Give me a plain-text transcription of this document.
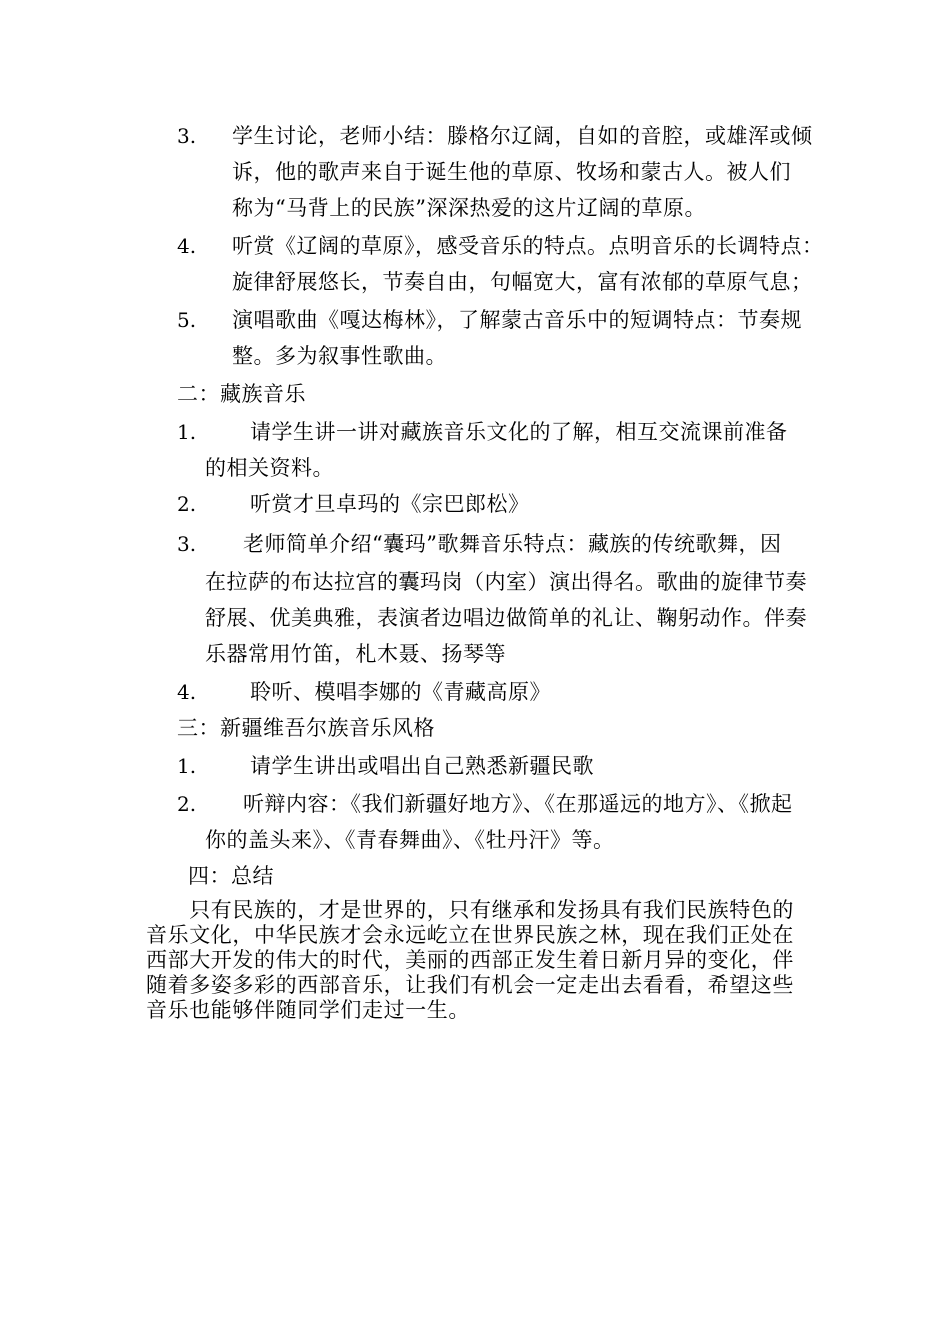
3. 学生讨论，老师小结：滕格尔辽阔，自如的音腔，或雄浑或倾
诉，他的歌声来自于诞生他的草原、牧场和蒙古人。被人们
称为“马背上的民族”深深热爱的这片辽阔的草原。
4. 听赏《辽阔的草原》，感受音乐的特点。点明音乐的长调特点：
旋律舒展悠长，节奏自由，句幅宽大，富有浓郁的草原气息；
5. 演唱歌曲《嘎达梅林》，了解蒙古音乐中的短调特点：节奏规
整。多为叙事性歌曲。
二：藏族音乐
1.	请学生讲一讲对藏族音乐文化的了解，相互交流课前准备
的相关资料。
2.	听赏才旦卓玛的《宗巴郎松》
3. 老师简单介绍“囊玛”歌舞音乐特点：藏族的传统歌舞，因
在拉萨的布达拉宫的囊玛岗（内室）演出得名。歌曲的旋律节奏
舒展、优美典雅，表演者边唱边做简单的礼让、鞠躬动作。伴奏
乐器常用竹笛，札木聂、扬琴等
4.	聆听、模唱李娜的《青藏高原》
三：新疆维吾尔族音乐风格
1.	请学生讲出或唱出自己熟悉新疆民歌
2. 听辩内容：《我们新疆好地方》、《在那遥远的地方》、《掀起
你的盖头来》、《青春舞曲》、《牡丹汗》等。
四：总结
　　只有民族的，才是世界的，只有继承和发扬具有我们民族特色的
音乐文化，中华民族才会永远屹立在世界民族之林，现在我们正处在
西部大开发的伟大的时代，美丽的西部正发生着日新月异的变化，伴
随着多姿多彩的西部音乐，让我们有机会一定走出去看看，希望这些
音乐也能够伴随同学们走过一生。
